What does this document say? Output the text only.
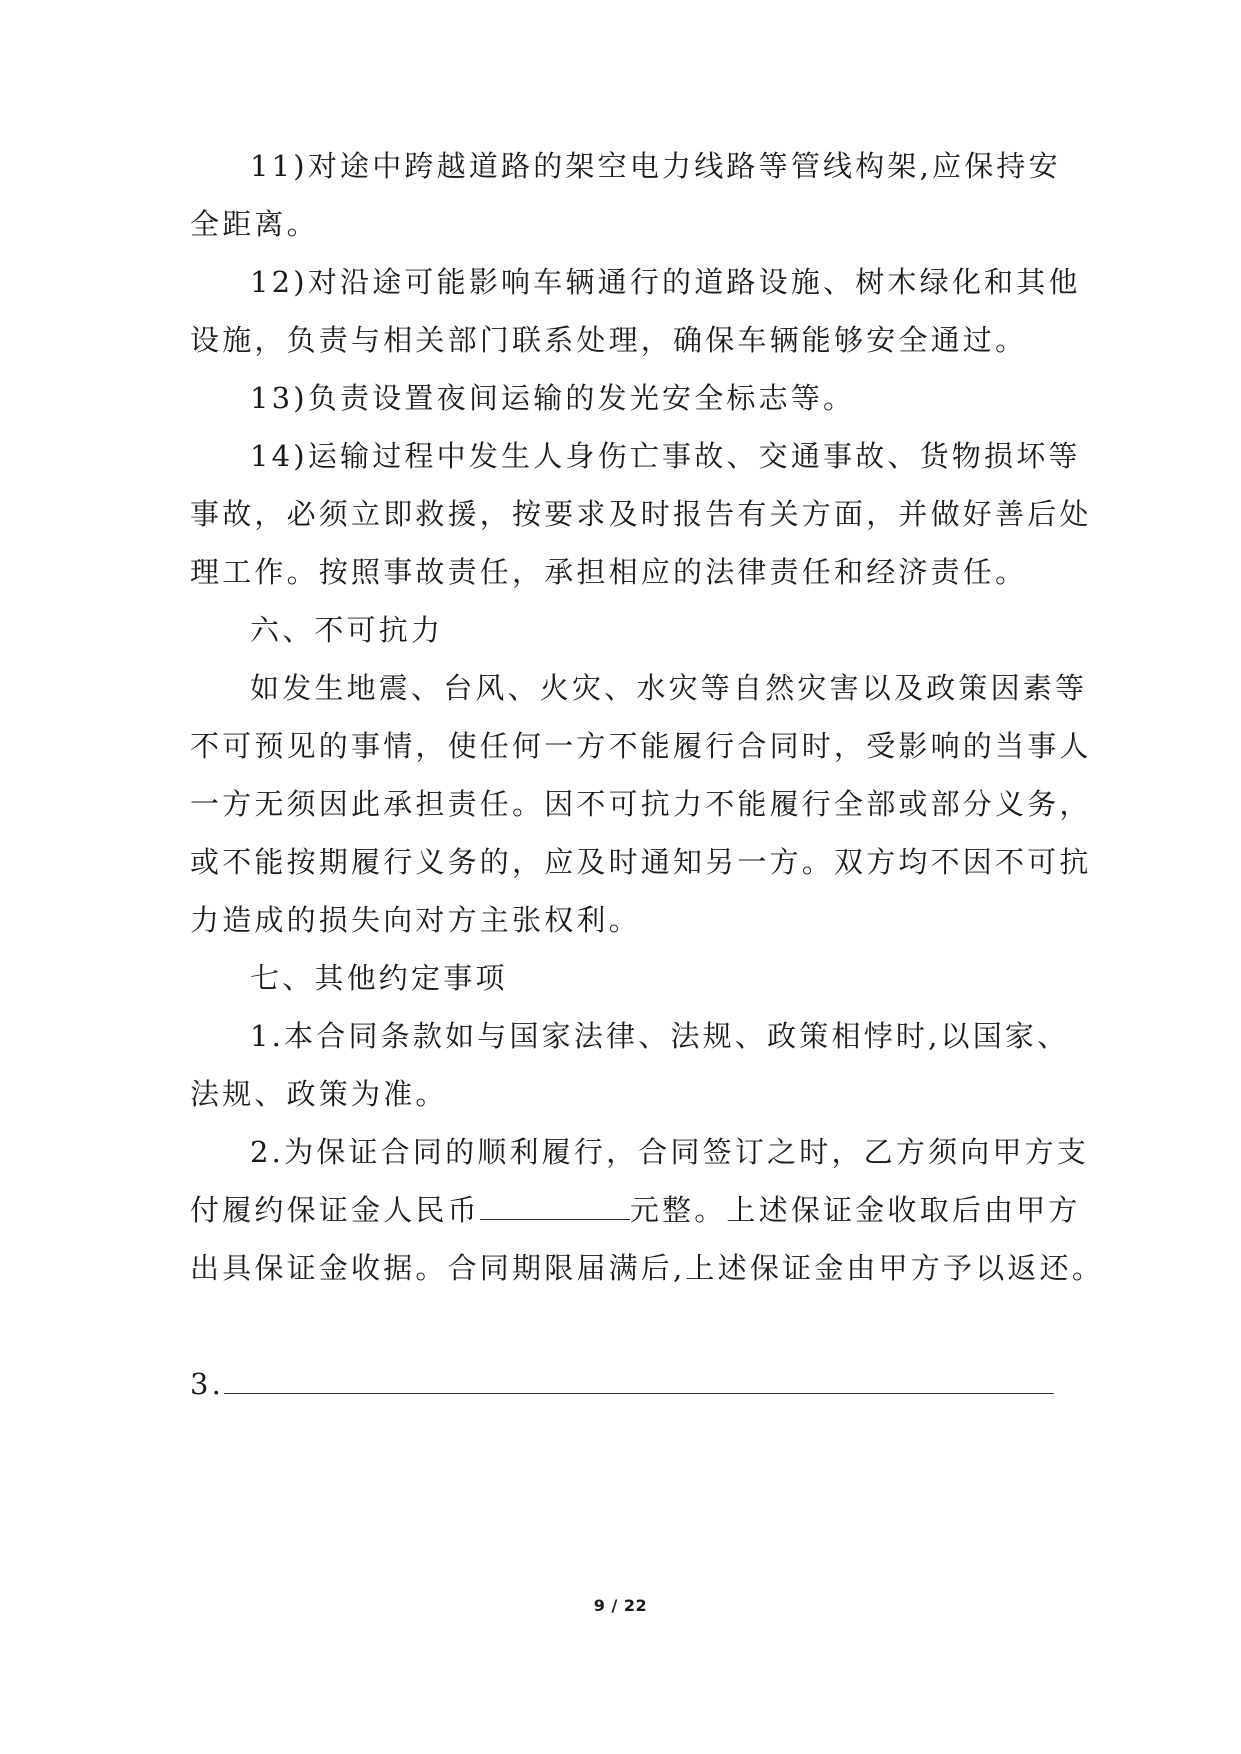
11)对途中跨越道路的架空电力线路等管线构架,应保持安
全距离。
12)对沿途可能影响车辆通行的道路设施、树木绿化和其他
设施，负责与相关部门联系处理，确保车辆能够安全通过。
13)负责设置夜间运输的发光安全标志等。
14)运输过程中发生人身伤亡事故、交通事故、货物损坏等
事故，必须立即救援，按要求及时报告有关方面，并做好善后处
理工作。按照事故责任，承担相应的法律责任和经济责任。
六、不可抗力
如发生地震、台风、火灾、水灾等自然灾害以及政策因素等
不可预见的事情，使任何一方不能履行合同时，受影响的当事人
一方无须因此承担责任。因不可抗力不能履行全部或部分义务，
或不能按期履行义务的，应及时通知另一方。双方均不因不可抗
力造成的损失向对方主张权利。
七、其他约定事项
1.本合同条款如与国家法律、法规、政策相悖时,以国家、
法规、政策为准。
2.为保证合同的顺利履行，合同签订之时，乙方须向甲方支
付履约保证金人民币	元整。上述保证金收取后由甲方
出具保证金收据。合同期限届满后,上述保证金由甲方予以返还。
3.
9 / 22
